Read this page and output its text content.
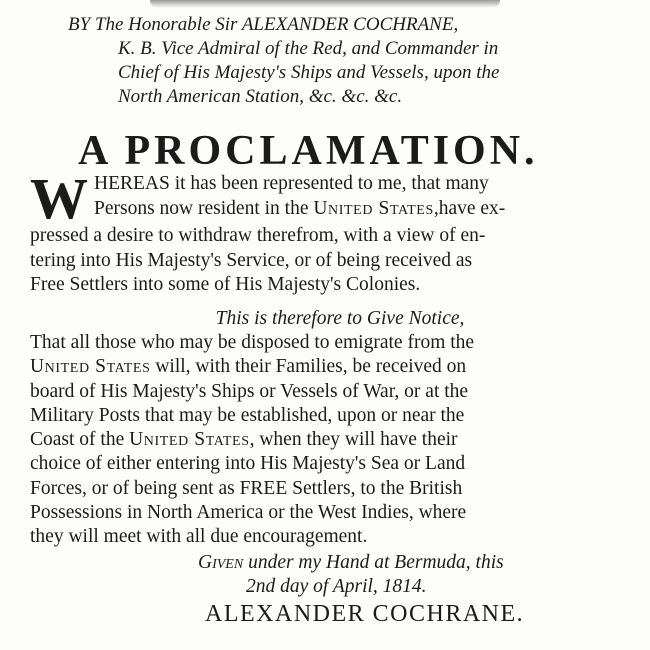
BY The Honorable Sir ALEXANDER COCHRANE,
K. B. Vice Admiral of the Red, and Commander in
Chief of His Majesty's Ships and Vessels, upon the
North American Station, &c. &c. &c.
A PROCLAMATION.
W HEREAS it has been represented to me, that many
Persons now resident in the United States,have ex-
pressed a desire to withdraw therefrom, with a view of en-
tering into His Majesty's Service, or of being received as
Free Settlers into some of His Majesty's Colonies.
This is therefore to Give Notice,
That all those who may be disposed to emigrate from the
United States will, with their Families, be received on
board of His Majesty's Ships or Vessels of War, or at the
Military Posts that may be established, upon or near the
Coast of the United States, when they will have their
choice of either entering into His Majesty's Sea or Land
Forces, or of being sent as FREE Settlers, to the British
Possessions in North America or the West Indies, where
they will meet with all due encouragement.
Given under my Hand at Bermuda, this
2nd day of April, 1814.
ALEXANDER COCHRANE.
